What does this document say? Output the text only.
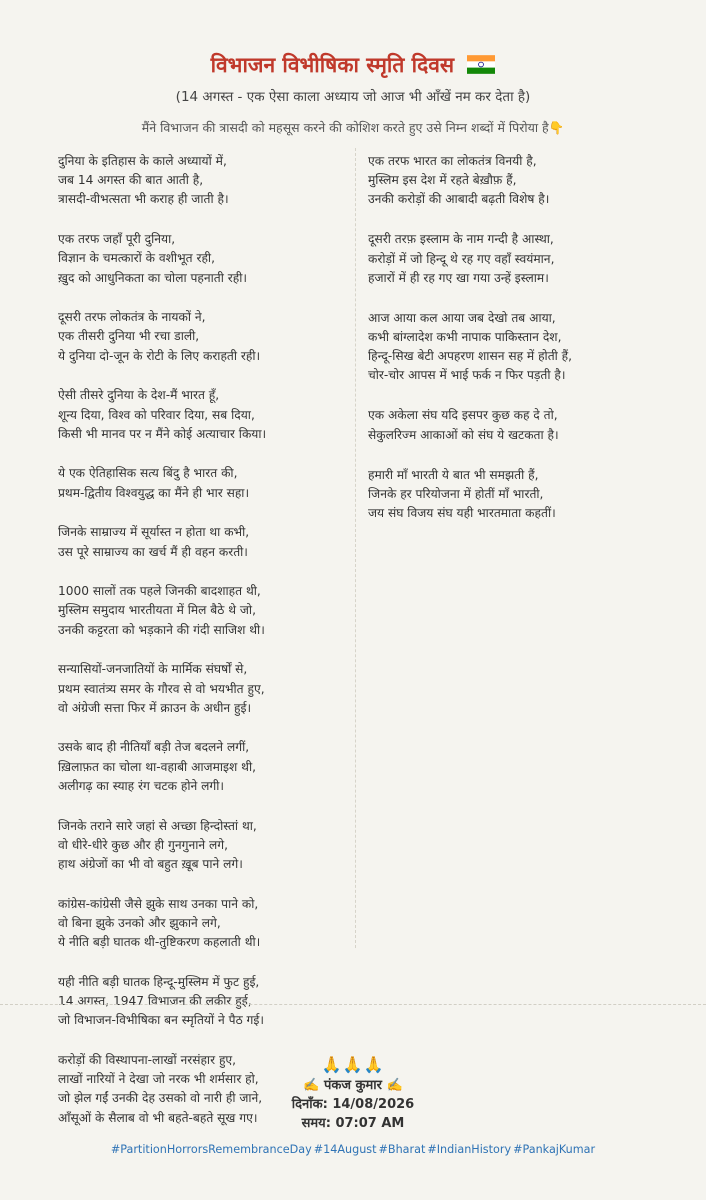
विभाजन विभीषिका स्मृति दिवस
(14 अगस्त - एक ऐसा काला अध्याय जो आज भी आँखें नम कर देता है)
मैंने विभाजन की त्रासदी को महसूस करने की कोशिश करते हुए उसे निम्न शब्दों में पिरोया है👇
दुनिया के इतिहास के काले अध्यायों में,
जब 14 अगस्त की बात आती है,
त्रासदी-वीभत्सता भी कराह ही जाती है।
एक तरफ जहाँ पूरी दुनिया,
विज्ञान के चमत्कारों के वशीभूत रही,
ख़ुद को आधुनिकता का चोला पहनाती रही।
दूसरी तरफ लोकतंत्र के नायकों ने,
एक तीसरी दुनिया भी रचा डाली,
ये दुनिया दो-जून के रोटी के लिए कराहती रही।
ऐसी तीसरे दुनिया के देश-मैं भारत हूँ,
शून्य दिया, विश्व को परिवार दिया, सब दिया,
किसी भी मानव पर न मैंने कोई अत्याचार किया।
ये एक ऐतिहासिक सत्य बिंदु है भारत की,
प्रथम-द्वितीय विश्वयुद्ध का मैंने ही भार सहा।
जिनके साम्राज्य में सूर्यास्त न होता था कभी,
उस पूरे साम्राज्य का खर्च मैं ही वहन करती।
1000 सालों तक पहले जिनकी बादशाहत थी,
मुस्लिम समुदाय भारतीयता में मिल बैठे थे जो,
उनकी कट्टरता को भड़काने की गंदी साजिश थी।
सन्यासियों-जनजातियों के मार्मिक संघर्षों से,
प्रथम स्वातंत्र्य समर के गौरव से वो भयभीत हुए,
वो अंग्रेजी सत्ता फिर में क्राउन के अधीन हुई।
उसके बाद ही नीतियाँ बड़ी तेज बदलने लगीं,
ख़िलाफ़त का चोला था-वहाबी आजमाइश थी,
अलीगढ़ का स्याह रंग चटक होने लगी।
जिनके तराने सारे जहां से अच्छा हिन्दोस्तां था,
वो धीरे-धीरे कुछ और ही गुनगुनाने लगे,
हाथ अंग्रेजों का भी वो बहुत ख़ूब पाने लगे।
कांग्रेस-कांग्रेसी जैसे झुके साथ उनका पाने को,
वो बिना झुके उनको और झुकाने लगे,
ये नीति बड़ी घातक थी-तुष्टिकरण कहलाती थी।
यही नीति बड़ी घातक हिन्दू-मुस्लिम में फुट हुई,
14 अगस्त, 1947 विभाजन की लकीर हुई,
जो विभाजन-विभीषिका बन स्मृतियों ने पैठ गई।
करोड़ों की विस्थापना-लाखों नरसंहार हुए,
लाखों नारियों ने देखा जो नरक भी शर्मसार हो,
जो झेल गईं उनकी देह उसको वो नारी ही जाने,
आँसूओं के सैलाब वो भी बहते-बहते सूख गए।
एक तरफ भारत का लोकतंत्र विनयी है,
मुस्लिम इस देश में रहते बेख़ौफ़ हैं,
उनकी करोड़ों की आबादी बढ़ती विशेष है।
दूसरी तरफ़ इस्लाम के नाम गन्दी है आस्था,
करोड़ों में जो हिन्दू थे रह गए वहाँ स्वयंमान,
हजारों में ही रह गए खा गया उन्हें इस्लाम।
आज आया कल आया जब देखो तब आया,
कभी बांग्लादेश कभी नापाक पाकिस्तान देश,
हिन्दू-सिख बेटी अपहरण शासन सह में होती हैं,
चोर-चोर आपस में भाई फर्क न फिर पड़ती है।
एक अकेला संघ यदि इसपर कुछ कह दे तो,
सेकुलरिज्म आकाओं को संघ ये खटकता है।
हमारी माँ भारती ये बात भी समझती हैं,
जिनके हर परियोजना में होतीं माँ भारती,
जय संघ विजय संघ यही भारतमाता कहतीं।
🙏🙏🙏
✍️ पंकज कुमार ✍️
दिनाँक: 14/08/2026
समय: 07:07 AM
#PartitionHorrorsRemembranceDay #14August #Bharat #IndianHistory #PankajKumar
